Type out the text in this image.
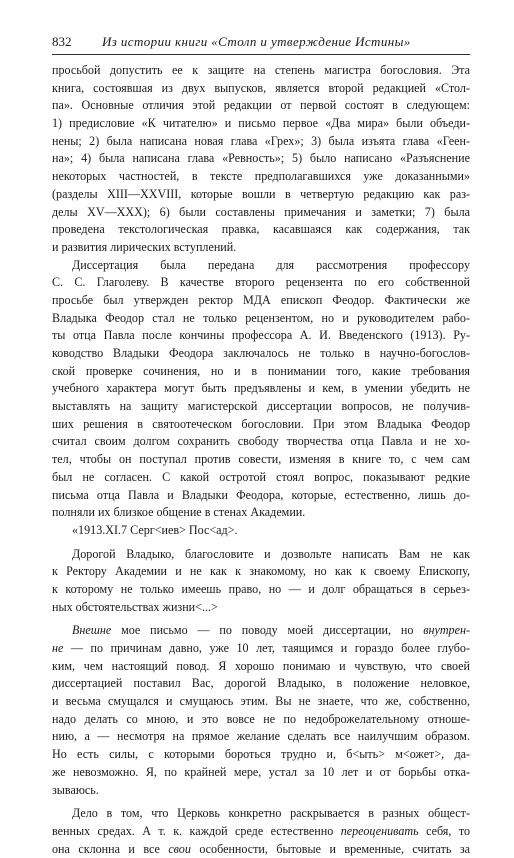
832 Из истории книги «Столп и утверждение Истины»
просьбой допустить ее к защите на степень магистра богословия. Эта
книга, состоявшая из двух выпусков, является второй редакцией «Стол-
па». Основные отличия этой редакции от первой состоят в следующем:
1) предисловие «К читателю» и письмо первое «Два мира» были объеди-
нены; 2) была написана новая глава «Грех»; 3) была изъята глава «Геен-
на»; 4) была написана глава «Ревность»; 5) было написано «Разъяснение
некоторых частностей, в тексте предполагавшихся уже доказанными»
(разделы XIII—XXVIII, которые вошли в четвертую редакцию как раз-
делы XV—XXX); 6) были составлены примечания и заметки; 7) была
проведена текстологическая правка, касавшаяся как содержания, так
и развития лирических вступлений.
Диссертация была передана для рассмотрения профессору
С. С. Глаголеву. В качестве второго рецензента по его собственной
просьбе был утвержден ректор МДА епископ Феодор. Фактически же
Владыка Феодор стал не только рецензентом, но и руководителем рабо-
ты отца Павла после кончины профессора А. И. Введенского (1913). Ру-
ководство Владыки Феодора заключалось не только в научно-богослов-
ской проверке сочинения, но и в понимании того, какие требования
учебного характера могут быть предъявлены и кем, в умении убедить не
выставлять на защиту магистерской диссертации вопросов, не получив-
ших решения в святоотеческом богословии. При этом Владыка Феодор
считал своим долгом сохранить свободу творчества отца Павла и не хо-
тел, чтобы он поступал против совести, изменяя в книге то, с чем сам
был не согласен. С какой остротой стоял вопрос, показывают редкие
письма отца Павла и Владыки Феодора, которые, естественно, лишь до-
полняли их близкое общение в стенах Академии.
«1913.XI.7 Серг<иев> Пос<ад>.
Дорогой Владыко, благословите и дозвольте написать Вам не как
к Ректору Академии и не как к знакомому, но как к своему Епископу,
к которому не только имеешь право, но — и долг обращаться в серьез-
ных обстоятельствах жизни<...>
Внешне мое письмо — по поводу моей диссертации, но внутрен-
не — по причинам давно, уже 10 лет, таящимся и гораздо более глубо-
ким, чем настоящий повод. Я хорошо понимаю и чувствую, что своей
диссертацией поставил Вас, дорогой Владыко, в положение неловкое,
и весьма смущался и смущаюсь этим. Вы не знаете, что же, собственно,
надо делать со мною, и это вовсе не по недоброжелательному отноше-
нию, а — несмотря на прямое желание сделать все наилучшим образом.
Но есть силы, с которыми бороться трудно и, б<ыть> м<ожет>, да-
же невозможно. Я, по крайней мере, устал за 10 лет и от борьбы отка-
зываюсь.
Дело в том, что Церковь конкретно раскрывается в разных общест-
венных средах. А т. к. каждой среде естественно переоценивать себя, то
она склонна и все свои особенности, бытовые и временные, считать за
